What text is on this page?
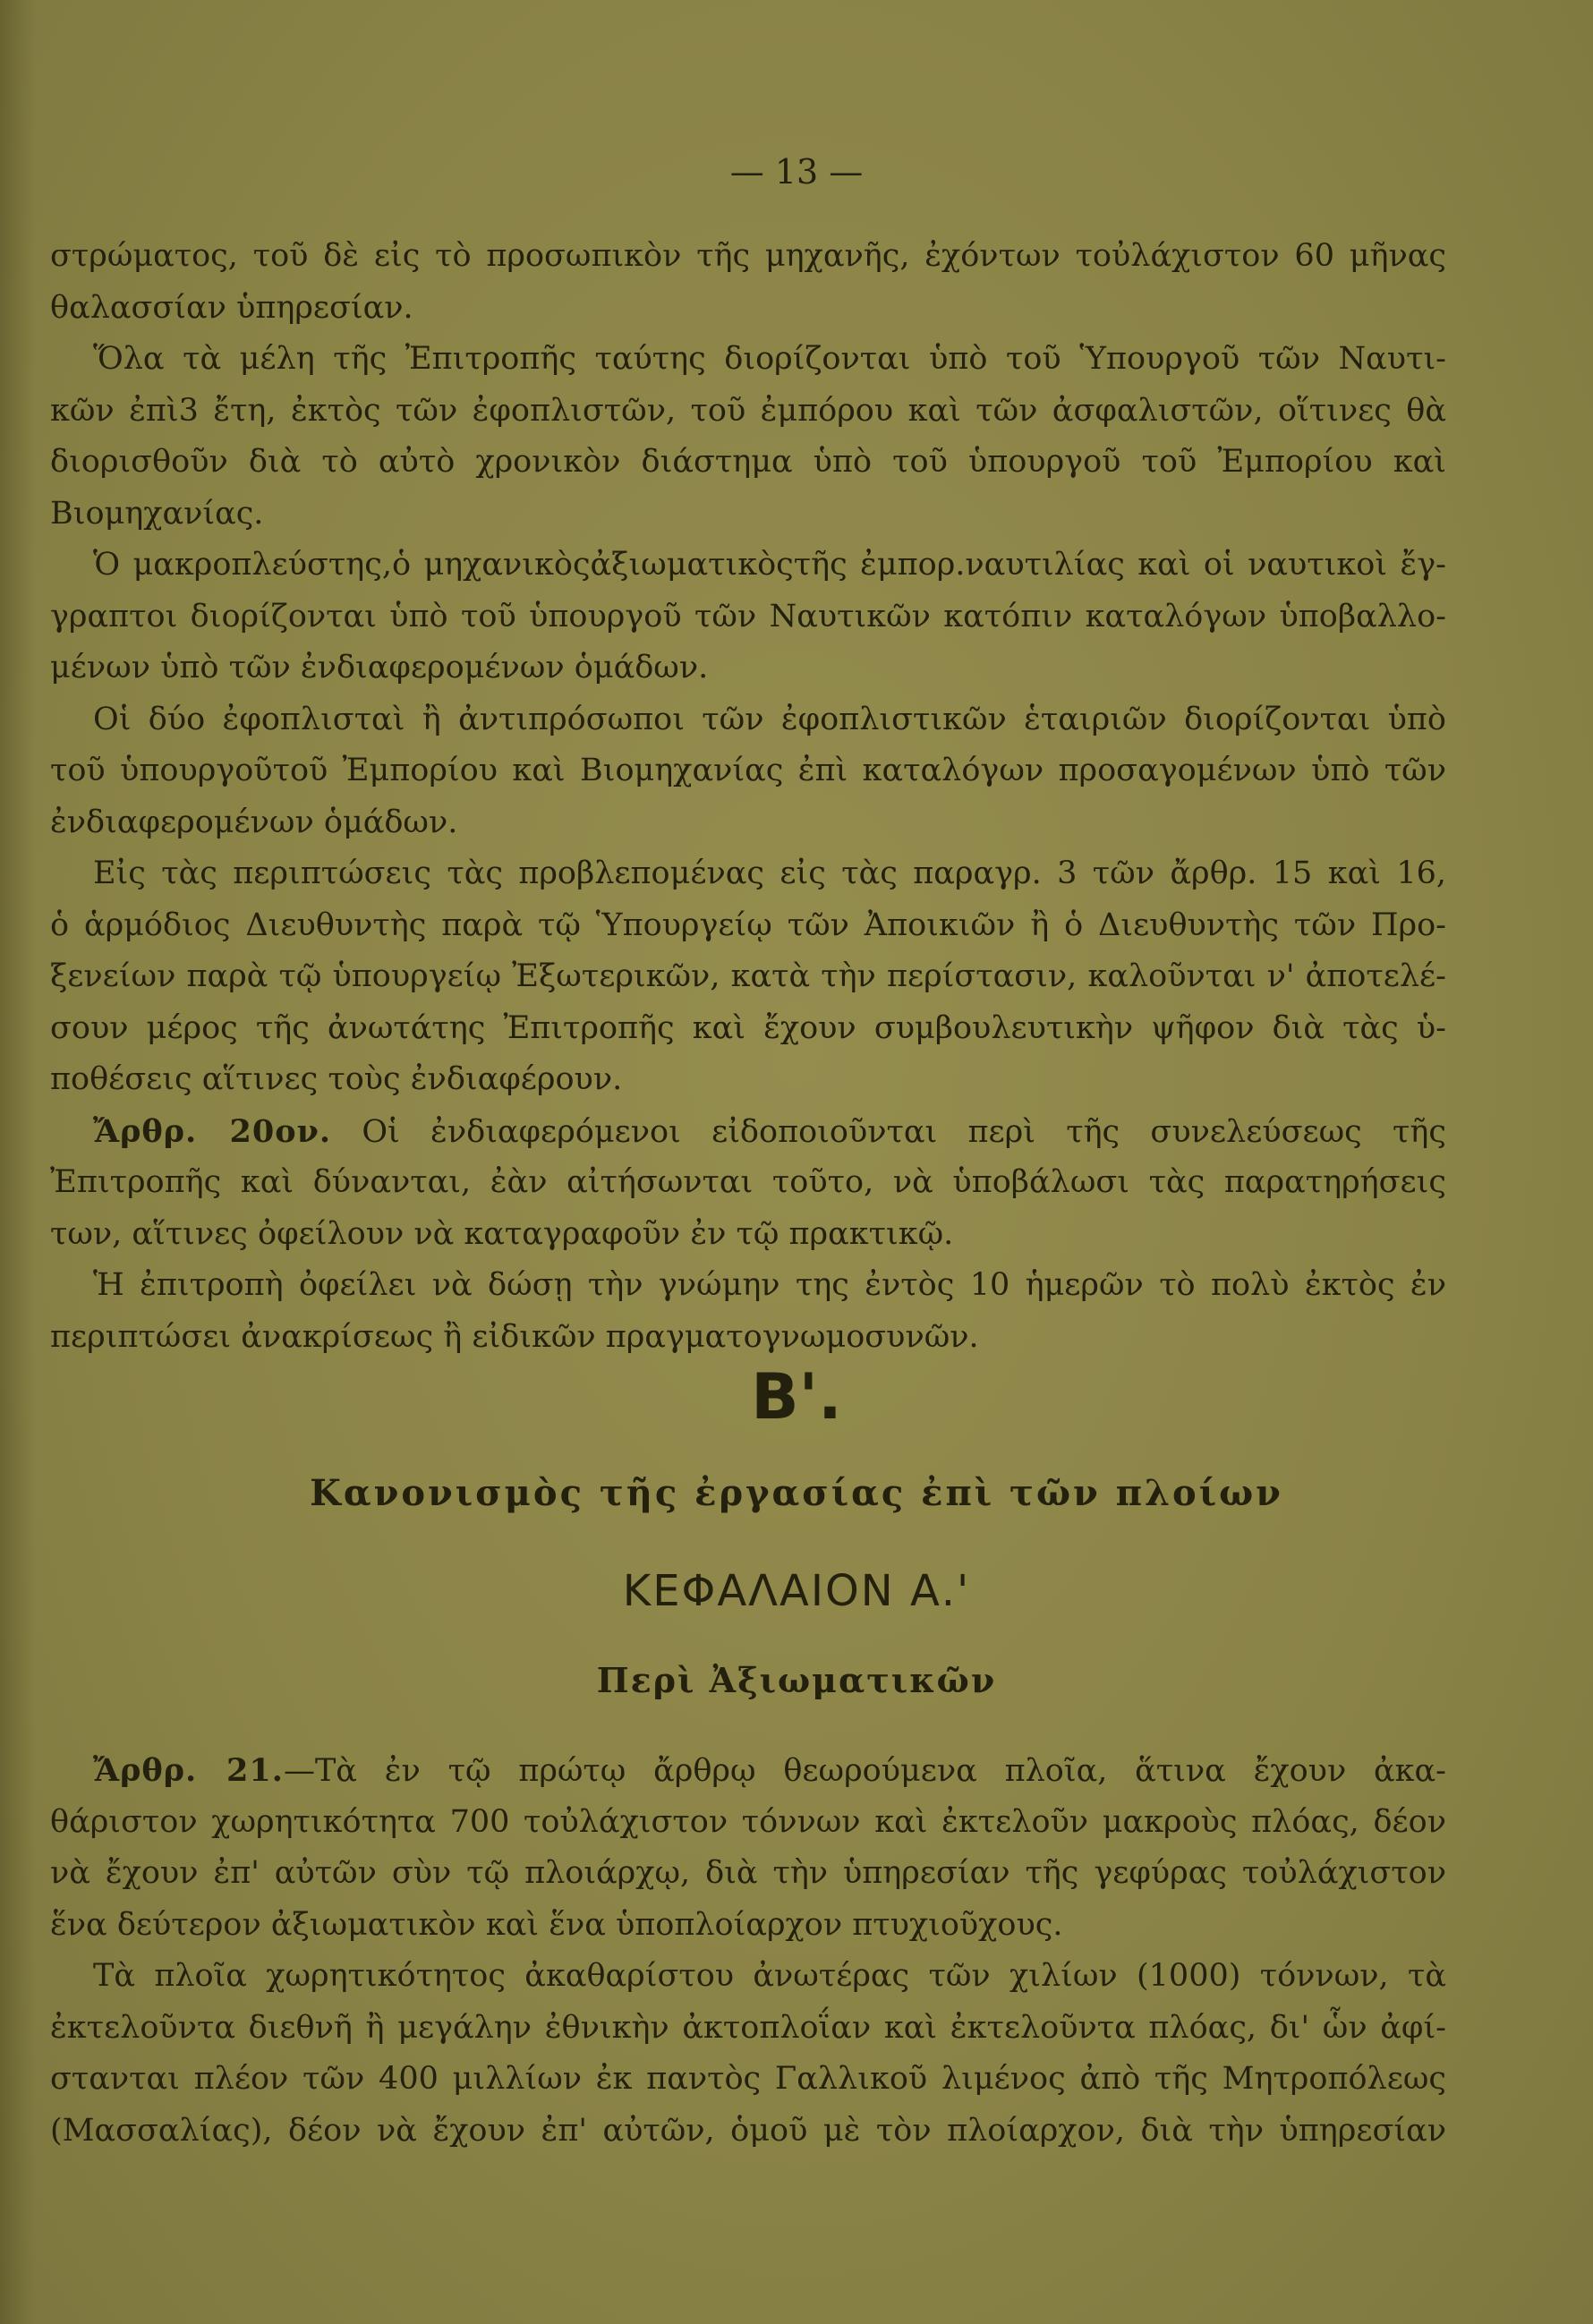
— 13 —
στρώματος, τοῦ δὲ εἰς τὸ προσωπικὸν τῆς μηχανῆς, ἐχόντων τοὐλάχιστον 60 μῆνας
θαλασσίαν ὑπηρεσίαν.
Ὅλα τὰ μέλη τῆς Ἐπιτροπῆς ταύτης διορίζονται ὑπὸ τοῦ Ὑπουργοῦ τῶν Ναυτι-
κῶν ἐπὶ3 ἔτη, ἐκτὸς τῶν ἐφοπλιστῶν, τοῦ ἐμπόρου καὶ τῶν ἀσφαλιστῶν, οἵτινες θὰ
διορισθοῦν διὰ τὸ αὐτὸ χρονικὸν διάστημα ὑπὸ τοῦ ὑπουργοῦ τοῦ Ἐμπορίου καὶ
Βιομηχανίας.
Ὁ μακροπλεύστης,ὁ μηχανικὸςἀξιωματικὸςτῆς ἐμπορ.ναυτιλίας καὶ οἱ ναυτικοὶ ἔγ-
γραπτοι διορίζονται ὑπὸ τοῦ ὑπουργοῦ τῶν Ναυτικῶν κατόπιν καταλόγων ὑποβαλλο-
μένων ὑπὸ τῶν ἐνδιαφερομένων ὁμάδων.
Οἱ δύο ἐφοπλισταὶ ἢ ἀντιπρόσωποι τῶν ἐφοπλιστικῶν ἑταιριῶν διορίζονται ὑπὸ
τοῦ ὑπουργοῦτοῦ Ἐμπορίου καὶ Βιομηχανίας ἐπὶ καταλόγων προσαγομένων ὑπὸ τῶν
ἐνδιαφερομένων ὁμάδων.
Εἰς τὰς περιπτώσεις τὰς προβλεπομένας εἰς τὰς παραγρ. 3 τῶν ἄρθρ. 15 καὶ 16,
ὁ ἁρμόδιος Διευθυντὴς παρὰ τῷ Ὑπουργείῳ τῶν Ἀποικιῶν ἢ ὁ Διευθυντὴς τῶν Προ-
ξενείων παρὰ τῷ ὑπουργείῳ Ἐξωτερικῶν, κατὰ τὴν περίστασιν, καλοῦνται ν' ἀποτελέ-
σουν μέρος τῆς ἀνωτάτης Ἐπιτροπῆς καὶ ἔχουν συμβουλευτικὴν ψῆφον διὰ τὰς ὑ-
ποθέσεις αἵτινες τοὺς ἐνδιαφέρουν.
Ἄρθρ. 20ον. Οἱ ἐνδιαφερόμενοι εἰδοποιοῦνται περὶ τῆς συνελεύσεως τῆς
Ἐπιτροπῆς καὶ δύνανται, ἐὰν αἰτήσωνται τοῦτο, νὰ ὑποβάλωσι τὰς παρατηρήσεις
των, αἵτινες ὀφείλουν νὰ καταγραφοῦν ἐν τῷ πρακτικῷ.
Ἡ ἐπιτροπὴ ὀφείλει νὰ δώσῃ τὴν γνώμην της ἐντὸς 10 ἡμερῶν τὸ πολὺ ἐκτὸς ἐν
περιπτώσει ἀνακρίσεως ἢ εἰδικῶν πραγματογνωμοσυνῶν.
Β'.
Κανονισμὸς τῆς ἐργασίας ἐπὶ τῶν πλοίων
ΚΕΦΑΛΑΙΟΝ Α.'
Περὶ Ἀξιωματικῶν
Ἄρθρ. 21.—Τὰ ἐν τῷ πρώτῳ ἄρθρῳ θεωρούμενα πλοῖα, ἅτινα ἔχουν ἀκα-
θάριστον χωρητικότητα 700 τοὐλάχιστον τόννων καὶ ἐκτελοῦν μακροὺς πλόας, δέον
νὰ ἔχουν ἐπ' αὐτῶν σὺν τῷ πλοιάρχῳ, διὰ τὴν ὑπηρεσίαν τῆς γεφύρας τοὐλάχιστον
ἕνα δεύτερον ἀξιωματικὸν καὶ ἕνα ὑποπλοίαρχον πτυχιοῦχους.
Τὰ πλοῖα χωρητικότητος ἀκαθαρίστου ἀνωτέρας τῶν χιλίων (1000) τόννων, τὰ
ἐκτελοῦντα διεθνῆ ἢ μεγάλην ἐθνικὴν ἀκτοπλοΐαν καὶ ἐκτελοῦντα πλόας, δι' ὧν ἀφί-
στανται πλέον τῶν 400 μιλλίων ἐκ παντὸς Γαλλικοῦ λιμένος ἀπὸ τῆς Μητροπόλεως
(Μασσαλίας), δέον νὰ ἔχουν ἐπ' αὐτῶν, ὁμοῦ μὲ τὸν πλοίαρχον, διὰ τὴν ὑπηρεσίαν
